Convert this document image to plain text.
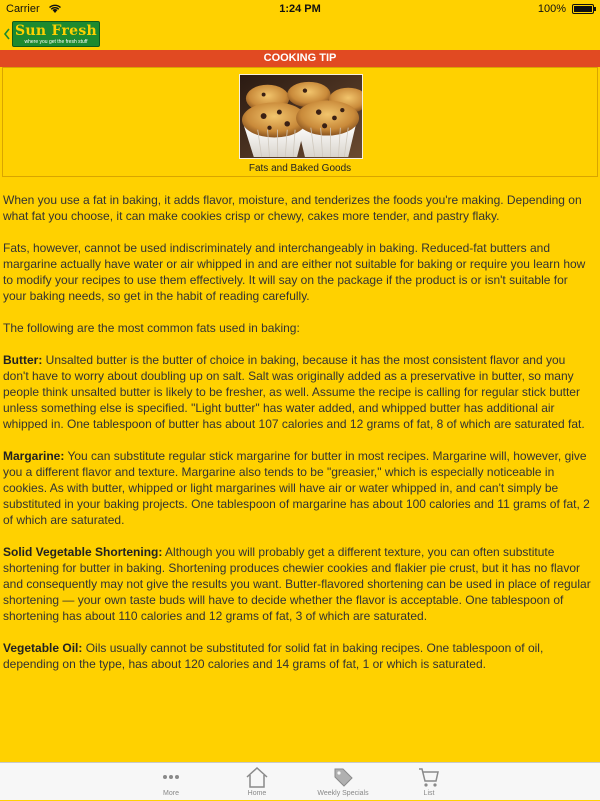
Carrier	1:24 PM	100%
Sun Fresh
where you get the fresh stuff
COOKING TIP
Fats and Baked Goods

When you use a fat in baking, it adds flavor, moisture, and tenderizes the foods you're making. Depending on what fat you choose, it can make cookies crisp or chewy, cakes more tender, and pastry flaky.

Fats, however, cannot be used indiscriminately and interchangeably in baking. Reduced-fat butters and margarine actually have water or air whipped in and are either not suitable for baking or require you learn how to modify your recipes to use them effectively. It will say on the package if the product is or isn't suitable for your baking needs, so get in the habit of reading carefully.

The following are the most common fats used in baking:

Butter: Unsalted butter is the butter of choice in baking, because it has the most consistent flavor and you don't have to worry about doubling up on salt. Salt was originally added as a preservative in butter, so many people think unsalted butter is likely to be fresher, as well. Assume the recipe is calling for regular stick butter unless something else is specified. "Light butter" has water added, and whipped butter has additional air whipped in. One tablespoon of butter has about 107 calories and 12 grams of fat, 8 of which are saturated fat.

Margarine: You can substitute regular stick margarine for butter in most recipes. Margarine will, however, give you a different flavor and texture. Margarine also tends to be "greasier," which is especially noticeable in cookies. As with butter, whipped or light margarines will have air or water whipped in, and can't simply be substituted in your baking projects. One tablespoon of margarine has about 100 calories and 11 grams of fat, 2 of which are saturated.

Solid Vegetable Shortening: Although you will probably get a different texture, you can often substitute shortening for butter in baking. Shortening produces chewier cookies and flakier pie crust, but it has no flavor and consequently may not give the results you want. Butter-flavored shortening can be used in place of regular shortening — your own taste buds will have to decide whether the flavor is acceptable. One tablespoon of shortening has about 110 calories and 12 grams of fat, 3 of which are saturated.

Vegetable Oil: Oils usually cannot be substituted for solid fat in baking recipes. One tablespoon of oil, depending on the type, has about 120 calories and 14 grams of fat, 1 or which is saturated.

More	Home	Weekly Specials	List
